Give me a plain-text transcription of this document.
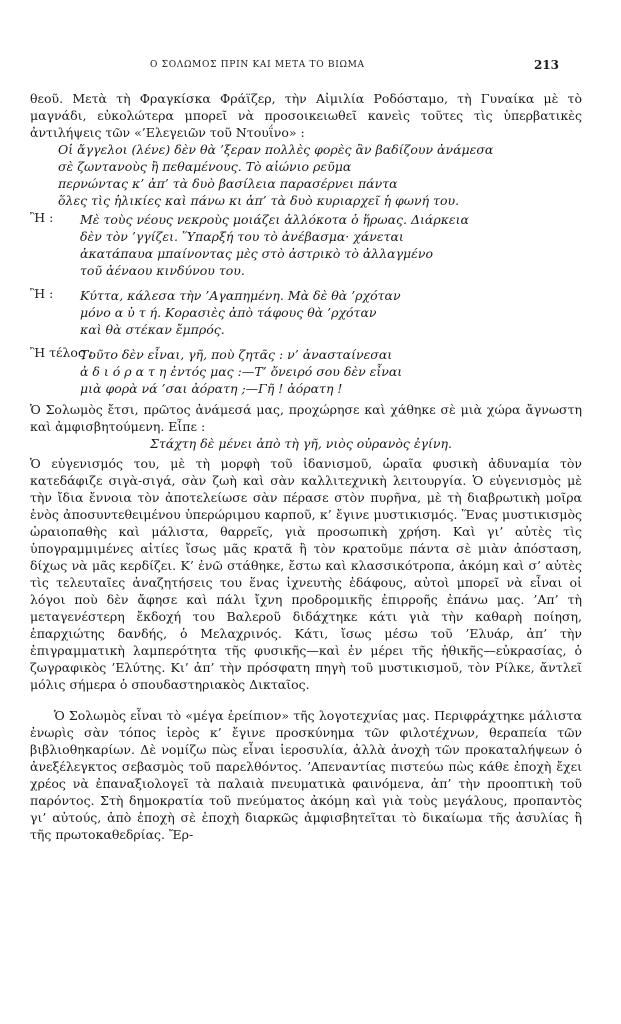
Ο ΣΟΛΩΜΟΣ ΠΡΙΝ ΚΑΙ ΜΕΤΑ ΤΟ ΒΙΩΜΑ	213

θεοῦ. Μετὰ τὴ Φραγκίσκα Φράϊζερ, τὴν Αἰμιλία Ροδόσταμο, τὴ Γυναίκα μὲ τὸ μαγνάδι, εὐκολώτερα μπορεῖ νὰ προσοικειωθεῖ κανεὶς τοῦτες τὶς ὑπερβατικὲς ἀντιλήψεις τῶν «’Ελεγειῶν τοῦ Ντουΐνο» :

Οἱ ἄγγελοι (λένε) δὲν θὰ ’ξεραν πολλὲς φορὲς ἂν βαδίζουν ἀνάμεσα
σὲ ζωντανοὺς ἢ πεθαμένους. Τὸ αἰώνιο ρεῦμα
περνώντας κ’ ἀπ’ τὰ δυὸ βασίλεια παρασέρνει πάντα
ὅλες τὶς ἡλικίες καὶ πάνω κι ἀπ’ τὰ δυὸ κυριαρχεῖ ἡ φωνή του.
Ἢ : Μὲ τοὺς νέους νεκροὺς μοιάζει ἀλλόκοτα ὁ ἥρωας. Διάρκεια
δὲν τὸν ’γγίζει. Ὕπαρξή του τὸ ἀνέβασμα· χάνεται
ἀκατάπαυα μπαίνοντας μὲς στὸ ἀστρικὸ τὸ ἀλλαγμένο
τοῦ ἀέναου κινδύνου του.
Ἢ : Κύττα, κάλεσα τὴν ’Αγαπημένη. Μὰ δὲ θὰ ’ρχόταν
μόνο α ὐ τ ή. Κορασιὲς ἀπὸ τάφους θὰ ’ρχόταν
καὶ θὰ στέκαν ἔμπρός.
Ἢ τέλος :
Τοῦτο δὲν εἶναι, γῆ, ποὺ ζητᾶς : ν’ ἀνασταίνεσαι
ἀ δ ι ό ρ α τ η ἐντός μας :—Τ’ ὄνειρό σου δὲν εἶναι
μιὰ φορὰ νά ’σαι ἀόρατη ;—Γῆ ! ἀόρατη !

Ὁ Σολωμὸς ἔτσι, πρῶτος ἀνάμεσά μας, προχώρησε καὶ χάθηκε σὲ μιὰ χώρα ἄγνωστη καὶ ἀμφισβητούμενη. Εἶπε :

Στάχτη δὲ μένει ἀπὸ τὴ γῆ, νιὸς οὐρανὸς ἐγίνη.

Ὁ εὐγενισμός του, μὲ τὴ μορφὴ τοῦ ἰδανισμοῦ, ὡραῖα φυσικὴ ἀδυναμία τὸν κατεδάφιζε σιγὰ-σιγά, σὰν ζωὴ καὶ σὰν καλλιτεχνικὴ λειτουργία. Ὁ εὐγενισμὸς μὲ τὴν ἴδια ἔννοια τὸν ἀποτελείωσε σὰν πέρασε στὸν πυρῆνα, μὲ τὴ διαβρωτικὴ μοῖρα ἑνὸς ἀποσυντεθειμένου ὑπερώριμου καρποῦ, κ’ ἔγινε μυστικισμός. Ἕνας μυστικισμὸς ὡραιοπαθὴς καὶ μάλιστα, θαρρεῖς, γιὰ προσωπικὴ χρήση. Καὶ γι’ αὐτὲς τὶς ὑπογραμμιμένες αἰτίες ἴσως μᾶς κρατᾶ ἢ τὸν κρατοῦμε πάντα σὲ μιὰν ἀπόσταση, δίχως νὰ μᾶς κερδίζει. Κ’ ἐνῶ στάθηκε, ἔστω καὶ κλασσικότροπα, ἀκόμη καὶ σ’ αὐτὲς τὶς τελευταῖες ἀναζητήσεις του ἕνας ἰχνευτὴς ἐδάφους, αὐτοὶ μπορεῖ νὰ εἶναι οἱ λόγοι ποὺ δὲν ἄφησε καὶ πάλι ἴχνη προδρομικῆς ἐπιρροῆς ἐπάνω μας. ’Απ’ τὴ μεταγενέστερη ἔκδοχή του Βαλεροῦ διδάχτηκε κάτι γιὰ τὴν καθαρὴ ποίηση, ἐπαρχιώτης δανδής, ὁ Μελαχρινός. Κάτι, ἴσως μέσω τοῦ ’Ελυάρ, ἀπ’ τὴν ἐπιγραμματικὴ λαμπερότητα τῆς φυσικῆς—καὶ ἐν μέρει τῆς ἠθικῆς—εὐκρασίας, ὁ ζωγραφικὸς ’Ελύτης. Κι’ ἀπ’ τὴν πρόσφατη πηγὴ τοῦ μυστικισμοῦ, τὸν Ρίλκε, ἄντλεῖ μόλις σήμερα ὁ σπουδαστηριακὸς Δικταῖος.

Ὁ Σολωμὸς εἶναι τὸ «μέγα ἐρείπιον» τῆς λογοτεχνίας μας. Περιφράχτηκε μάλιστα ἐνωρὶς σὰν τόπος ἱερὸς κ’ ἔγινε προσκύνημα τῶν φιλοτέχνων, θεραπεία τῶν βιβλιοθηκαρίων. Δὲ νομίζω πὼς εἶναι ἱεροσυλία, ἀλλὰ ἀνοχὴ τῶν προκαταλήψεων ὁ ἀνεξέλεγκτος σεβασμὸς τοῦ παρελθόντος. ’Απεναντίας πιστεύω πὼς κάθε ἐποχὴ ἔχει χρέος νὰ ἐπαναξιολογεῖ τὰ παλαιὰ πνευματικὰ φαινόμενα, ἀπ’ τὴν προοπτικὴ τοῦ παρόντος. Στὴ δημοκρατία τοῦ πνεύματος ἀκόμη καὶ γιὰ τοὺς μεγάλους, προπαντὸς γι’ αὐτούς, ἀπὸ ἐποχὴ σὲ ἐποχὴ διαρκῶς ἀμφισβητεῖται τὸ δικαίωμα τῆς ἀσυλίας ἢ τῆς πρωτοκαθεδρίας. Ἔρ-
